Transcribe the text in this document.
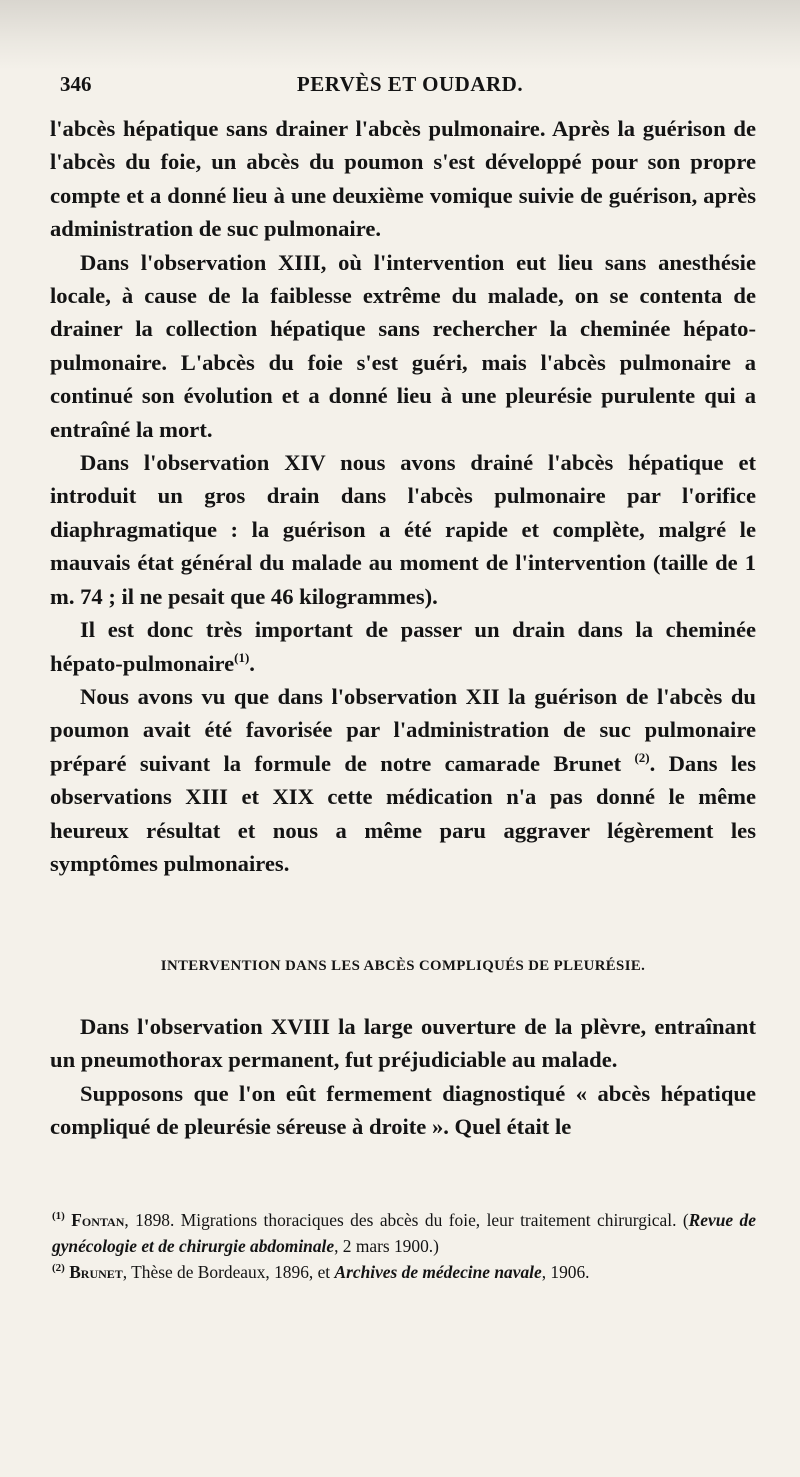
346	PERVÈS ET OUDARD.

l'abcès hépatique sans drainer l'abcès pulmonaire. Après la guérison de l'abcès du foie, un abcès du poumon s'est développé pour son propre compte et a donné lieu à une deuxième vomique suivie de guérison, après administration de suc pulmonaire.

Dans l'observation XIII, où l'intervention eut lieu sans anesthésie locale, à cause de la faiblesse extrême du malade, on se contenta de drainer la collection hépatique sans rechercher la cheminée hépato-pulmonaire. L'abcès du foie s'est guéri, mais l'abcès pulmonaire a continué son évolution et a donné lieu à une pleurésie purulente qui a entraîné la mort.

Dans l'observation XIV nous avons drainé l'abcès hépatique et introduit un gros drain dans l'abcès pulmonaire par l'orifice diaphragmatique : la guérison a été rapide et complète, malgré le mauvais état général du malade au moment de l'intervention (taille de 1 m. 74 ; il ne pesait que 46 kilogrammes).

Il est donc très important de passer un drain dans la cheminée hépato-pulmonaire$^{(1)}$.

Nous avons vu que dans l'observation XII la guérison de l'abcès du poumon avait été favorisée par l'administration de suc pulmonaire préparé suivant la formule de notre camarade Brunet $^{(2)}$. Dans les observations XIII et XIX cette médication n'a pas donné le même heureux résultat et nous a même paru aggraver légèrement les symptômes pulmonaires.

INTERVENTION DANS LES ABCÈS COMPLIQUÉS DE PLEURÉSIE.

Dans l'observation XVIII la large ouverture de la plèvre, entraînant un pneumothorax permanent, fut préjudiciable au malade.

Supposons que l'on eût fermement diagnostiqué « abcès hépatique compliqué de pleurésie séreuse à droite ». Quel était le

$^{(1)}$ Fontan, 1898. Migrations thoraciques des abcès du foie, leur traitement chirurgical. (Revue de gynécologie et de chirurgie abdominale, 2 mars 1900.)

$^{(2)}$ Brunet, Thèse de Bordeaux, 1896, et Archives de médecine navale, 1906.
